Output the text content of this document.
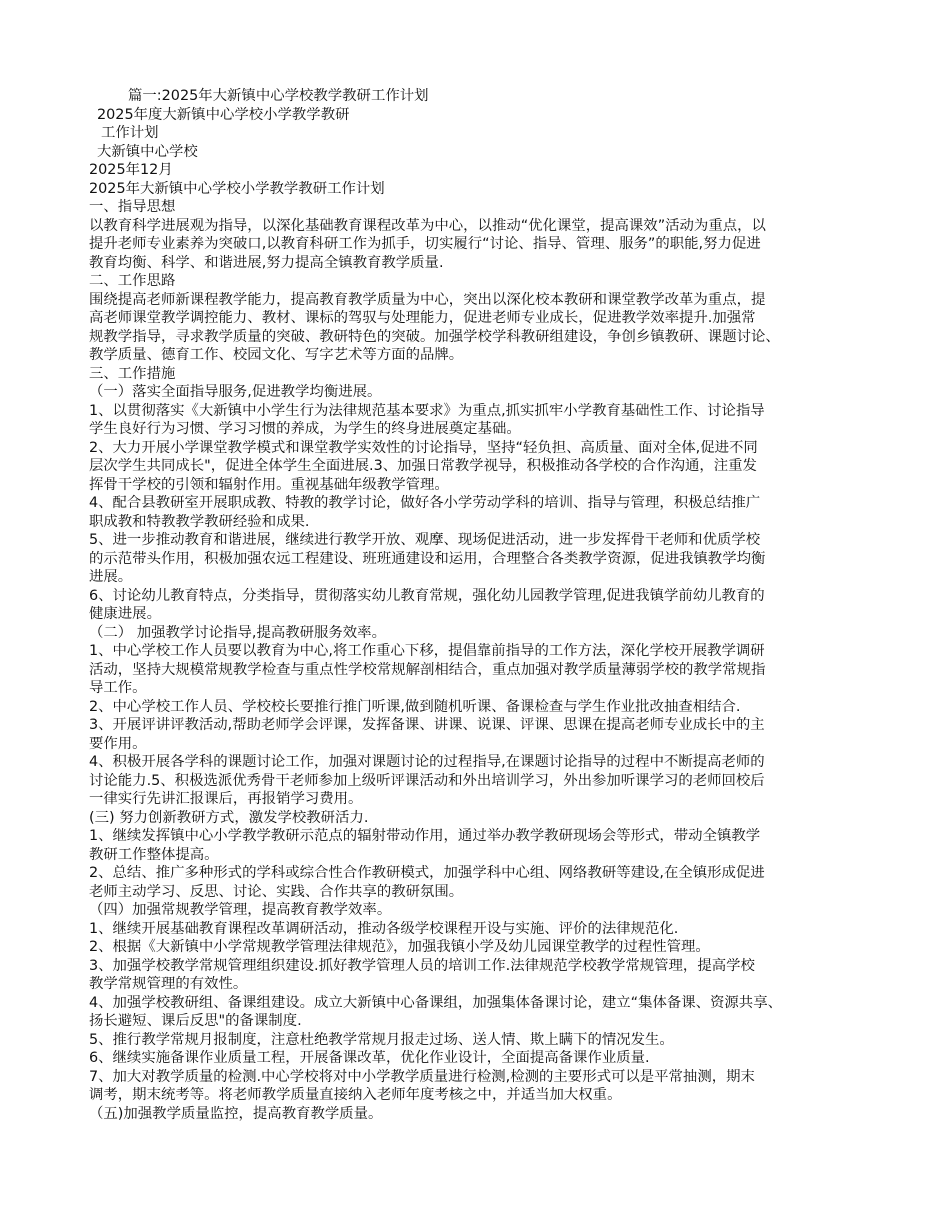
篇一:2025年大新镇中心学校教学教研工作计划
2025年度大新镇中心学校小学教学教研
工作计划
大新镇中心学校
2025年12月
2025年大新镇中心学校小学教学教研工作计划
一、指导思想
以教育科学进展观为指导，以深化基础教育课程改革为中心，以推动“优化课堂，提高课效”活动为重点，以
提升老师专业素养为突破口,以教育科研工作为抓手，切实履行“讨论、指导、管理、服务”的职能,努力促进
教育均衡、科学、和谐进展,努力提高全镇教育教学质量.
二、工作思路
围绕提高老师新课程教学能力，提高教育教学质量为中心，突出以深化校本教研和课堂教学改革为重点，提
高老师课堂教学调控能力、教材、课标的驾驭与处理能力，促进老师专业成长，促进教学效率提升.加强常
规教学指导，寻求教学质量的突破、教研特色的突破。加强学校学科教研组建设，争创乡镇教研、课题讨论、
教学质量、德育工作、校园文化、写字艺术等方面的品牌。
三、工作措施
（一）落实全面指导服务,促进教学均衡进展。
1、以贯彻落实《大新镇中小学生行为法律规范基本要求》为重点,抓实抓牢小学教育基础性工作、讨论指导
学生良好行为习惯、学习习惯的养成，为学生的终身进展奠定基础。
2、大力开展小学课堂教学模式和课堂教学实效性的讨论指导，坚持“轻负担、高质量、面对全体,促进不同
层次学生共同成长"，促进全体学生全面进展.3、加强日常教学视导，积极推动各学校的合作沟通，注重发
挥骨干学校的引领和辐射作用。重视基础年级教学管理。
4、配合县教研室开展职成教、特教的教学讨论，做好各小学劳动学科的培训、指导与管理，积极总结推广
职成教和特教教学教研经验和成果.
5、进一步推动教育和谐进展，继续进行教学开放、观摩、现场促进活动，进一步发挥骨干老师和优质学校
的示范带头作用，积极加强农远工程建设、班班通建设和运用，合理整合各类教学资源，促进我镇教学均衡
进展。
6、讨论幼儿教育特点，分类指导，贯彻落实幼儿教育常规，强化幼儿园教学管理,促进我镇学前幼儿教育的
健康进展。
（二） 加强教学讨论指导,提高教研服务效率。
1、中心学校工作人员要以教育为中心,将工作重心下移，提倡靠前指导的工作方法，深化学校开展教学调研
活动，坚持大规模常规教学检查与重点性学校常规解剖相结合，重点加强对教学质量薄弱学校的教学常规指
导工作。
2、中心学校工作人员、学校校长要推行推门听课,做到随机听课、备课检查与学生作业批改抽查相结合.
3、开展评讲评教活动,帮助老师学会评课，发挥备课、讲课、说课、评课、思课在提高老师专业成长中的主
要作用。
4、积极开展各学科的课题讨论工作，加强对课题讨论的过程指导,在课题讨论指导的过程中不断提高老师的
讨论能力.5、积极选派优秀骨干老师参加上级听评课活动和外出培训学习，外出参加听课学习的老师回校后
一律实行先讲汇报课后，再报销学习费用。
(三) 努力创新教研方式，激发学校教研活力.
1、继续发挥镇中心小学教学教研示范点的辐射带动作用，通过举办教学教研现场会等形式，带动全镇教学
教研工作整体提高。
2、总结、推广多种形式的学科或综合性合作教研模式，加强学科中心组、网络教研等建设,在全镇形成促进
老师主动学习、反思、讨论、实践、合作共享的教研氛围。
（四）加强常规教学管理，提高教育教学效率。
1、继续开展基础教育课程改革调研活动，推动各级学校课程开设与实施、评价的法律规范化.
2、根据《大新镇中小学常规教学管理法律规范》，加强我镇小学及幼儿园课堂教学的过程性管理。
3、加强学校教学常规管理组织建设.抓好教学管理人员的培训工作.法律规范学校教学常规管理，提高学校
教学常规管理的有效性。
4、加强学校教研组、备课组建设。成立大新镇中心备课组，加强集体备课讨论，建立“集体备课、资源共享、
扬长避短、课后反思"的备课制度.
5、推行教学常规月报制度，注意杜绝教学常规月报走过场、送人情、欺上瞒下的情况发生。
6、继续实施备课作业质量工程，开展备课改革，优化作业设计，全面提高备课作业质量.
7、加大对教学质量的检测.中心学校将对中小学教学质量进行检测,检测的主要形式可以是平常抽测，期末
调考，期末统考等。将老师教学质量直接纳入老师年度考核之中，并适当加大权重。
（五)加强教学质量监控，提高教育教学质量。
